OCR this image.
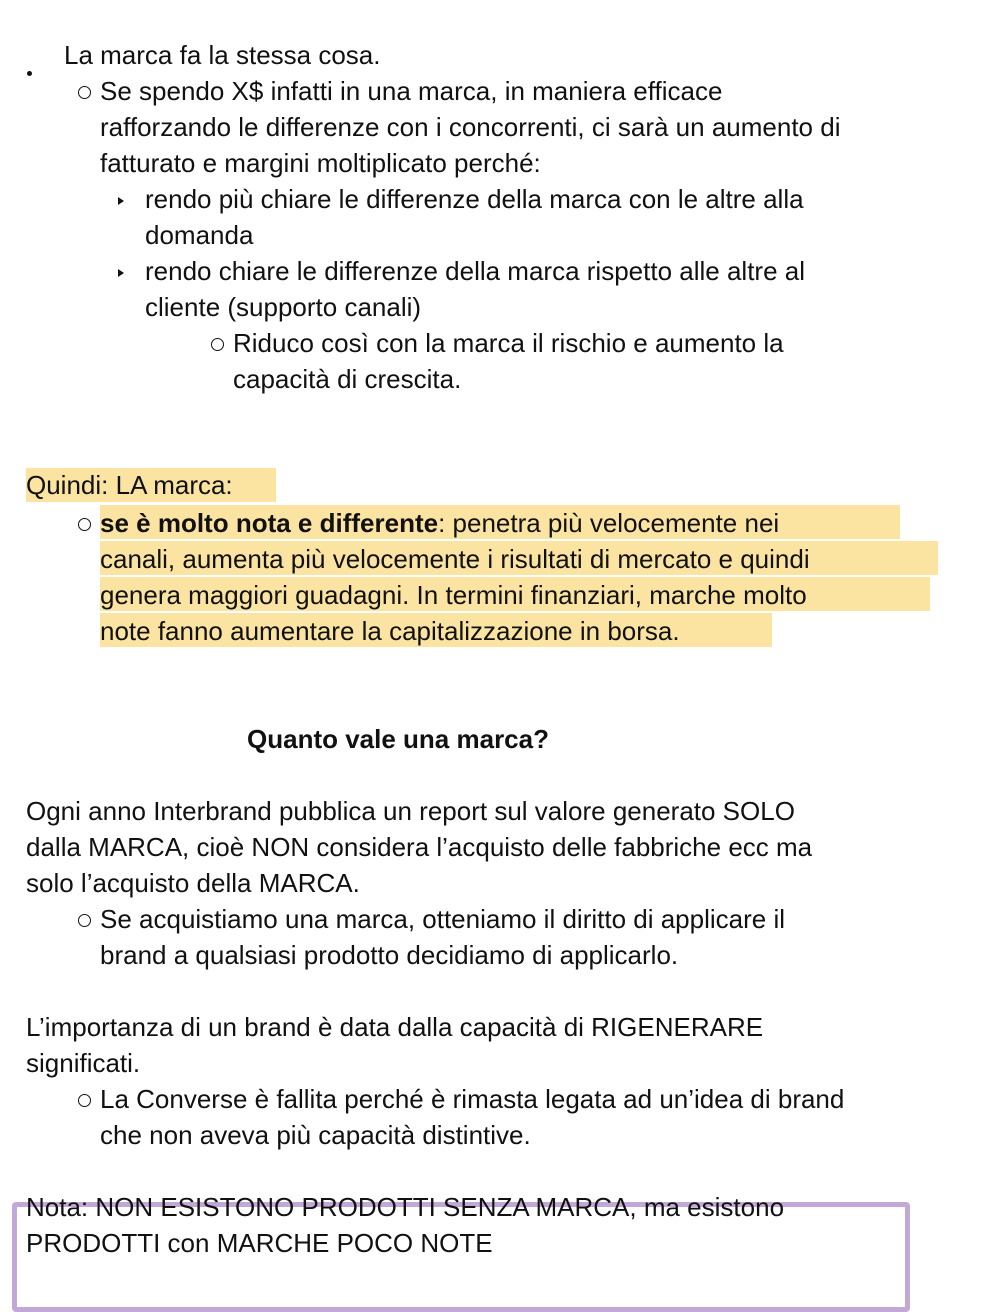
La marca fa la stessa cosa.
Se spendo X$ infatti in una marca, in maniera efficace
rafforzando le differenze con i concorrenti, ci sarà un aumento di
fatturato e margini moltiplicato perché:
rendo più chiare le differenze della marca con le altre alla
domanda
rendo chiare le differenze della marca rispetto alle altre al
cliente (supporto canali)
Riduco così con la marca il rischio e aumento la
capacità di crescita.
Quindi: LA marca:
se è molto nota e differente: penetra più velocemente nei
canali, aumenta più velocemente i risultati di mercato e quindi
genera maggiori guadagni. In termini finanziari, marche molto
note fanno aumentare la capitalizzazione in borsa.
Quanto vale una marca?
Ogni anno Interbrand pubblica un report sul valore generato SOLO
dalla MARCA, cioè NON considera l’acquisto delle fabbriche ecc ma
solo l’acquisto della MARCA.
Se acquistiamo una marca, otteniamo il diritto di applicare il
brand a qualsiasi prodotto decidiamo di applicarlo.
L’importanza di un brand è data dalla capacità di RIGENERARE
significati.
La Converse è fallita perché è rimasta legata ad un’idea di brand
che non aveva più capacità distintive.
Nota: NON ESISTONO PRODOTTI SENZA MARCA, ma esistono
PRODOTTI con MARCHE POCO NOTE
